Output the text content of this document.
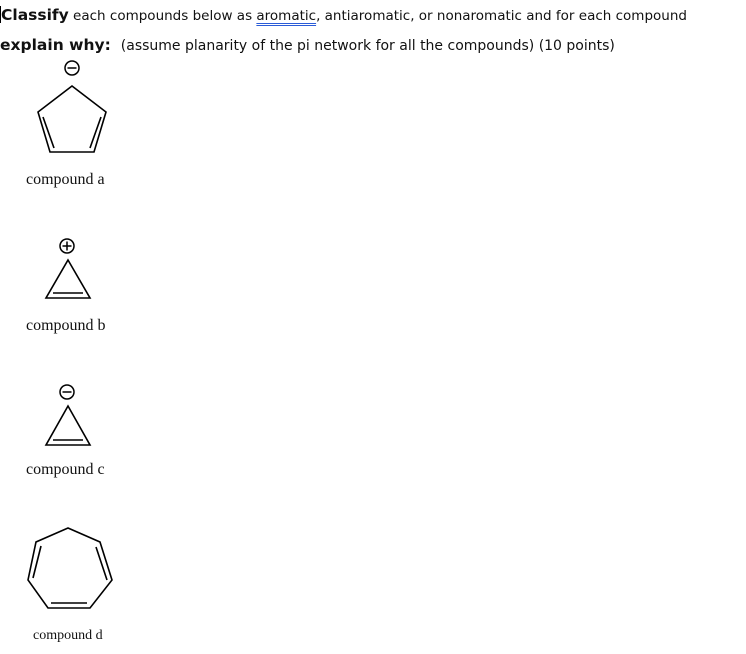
Classify each compounds below as aromatic, antiaromatic, or nonaromatic and for each compound
explain why: (assume planarity of the pi network for all the compounds) (10 points)
compound a
compound b
compound c
compound d
